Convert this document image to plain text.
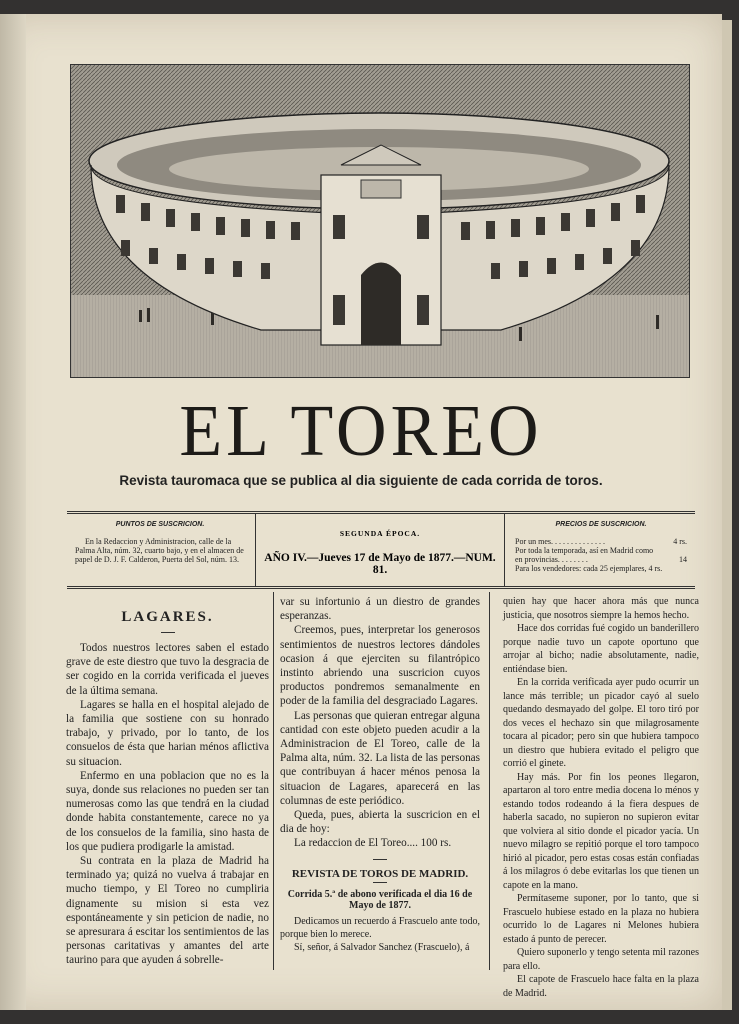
EL TOREO
Revista tauromaca que se publica al dia siguiente de cada corrida de toros.
PUNTOS DE SUSCRICION.
En la Redaccion y Administracion, calle de la Palma Alta, núm. 32, cuarto bajo, y en el almacen de papel de D. J. F. Calderon, Puerta del Sol, núm. 13.
SEGUNDA ÉPOCA.
AÑO IV.—Jueves 17 de Mayo de 1877.—NUM. 81.
PRECIOS DE SUSCRICION.
Por un mes. . . . . . . . . . . . . .	4 rs.
Por toda la temporada, así en Madrid como en provincias. . . . . . . .	14
Para los vendedores: cada 25 ejemplares, 4 rs.
LAGARES.

Todos nuestros lectores saben el estado grave de este diestro que tuvo la desgracia de ser cogido en la corrida verificada el jueves de la última semana.

Lagares se halla en el hospital alejado de la familia que sostiene con su honrado trabajo, y privado, por lo tanto, de los consuelos de ésta que harian ménos aflictiva su situacion.

Enfermo en una poblacion que no es la suya, donde sus relaciones no pueden ser tan numerosas como las que tendrá en la ciudad donde habita constantemente, carece no ya de los consuelos de la familia, sino hasta de los que pudiera prodigarle la amistad.

Su contrata en la plaza de Madrid ha terminado ya; quizá no vuelva á trabajar en mucho tiempo, y El Toreo no cumpliria dignamente su mision si esta vez espontáneamente y sin peticion de nadie, no se apresurara á escitar los sentimientos de las personas caritativas y amantes del arte taurino para que ayuden á sobrelle-

var su infortunio á un diestro de grandes esperanzas.

Creemos, pues, interpretar los generosos sentimientos de nuestros lectores dándoles ocasion á que ejerciten su filantrópico instinto abriendo una suscricion cuyos productos pondremos semanalmente en poder de la familia del desgraciado Lagares.

Las personas que quieran entregar alguna cantidad con este objeto pueden acudir a la Administracion de El Toreo, calle de la Palma alta, núm. 32. La lista de las personas que contribuyan á hacer ménos penosa la situacion de Lagares, aparecerá en las columnas de este periódico.

Queda, pues, abierta la suscricion en el dia de hoy:

La redaccion de El Toreo.... 100 rs.

REVISTA DE TOROS DE MADRID.
Corrida 5.ª de abono verificada el dia 16 de Mayo de 1877.

Dedicamos un recuerdo á Frascuelo ante todo, porque bien lo merece.

Sí, señor, á Salvador Sanchez (Frascuelo), á

quien hay que hacer ahora más que nunca justicia, que nosotros siempre la hemos hecho.

Hace dos corridas fué cogido un banderillero porque nadie tuvo un capote oportuno que arrojar al bicho; nadie absolutamente, nadie, entiéndase bien.

En la corrida verificada ayer pudo ocurrir un lance más terrible; un picador cayó al suelo quedando desmayado del golpe. El toro tiró por dos veces el hechazo sin que milagrosamente tocara al picador; pero sin que hubiera tampoco un diestro que hubiera evitado el peligro que corrió el ginete.

Hay más. Por fin los peones llegaron, apartaron al toro entre media docena lo ménos y estando todos rodeando á la fiera despues de haberla sacado, no supieron no supieron evitar que volviera al sitio donde el picador yacía. Un nuevo milagro se repitió porque el toro tampoco hirió al picador, pero estas cosas están confiadas á los milagros ó debe evitarlas los que tienen un capote en la mano.

Permítaseme suponer, por lo tanto, que si Frascuelo hubiese estado en la plaza no hubiera ocurrido lo de Lagares ni Melones hubiera estado á punto de perecer.

Quiero suponerlo y tengo setenta mil razones para ello.

El capote de Frascuelo hace falta en la plaza de Madrid.
